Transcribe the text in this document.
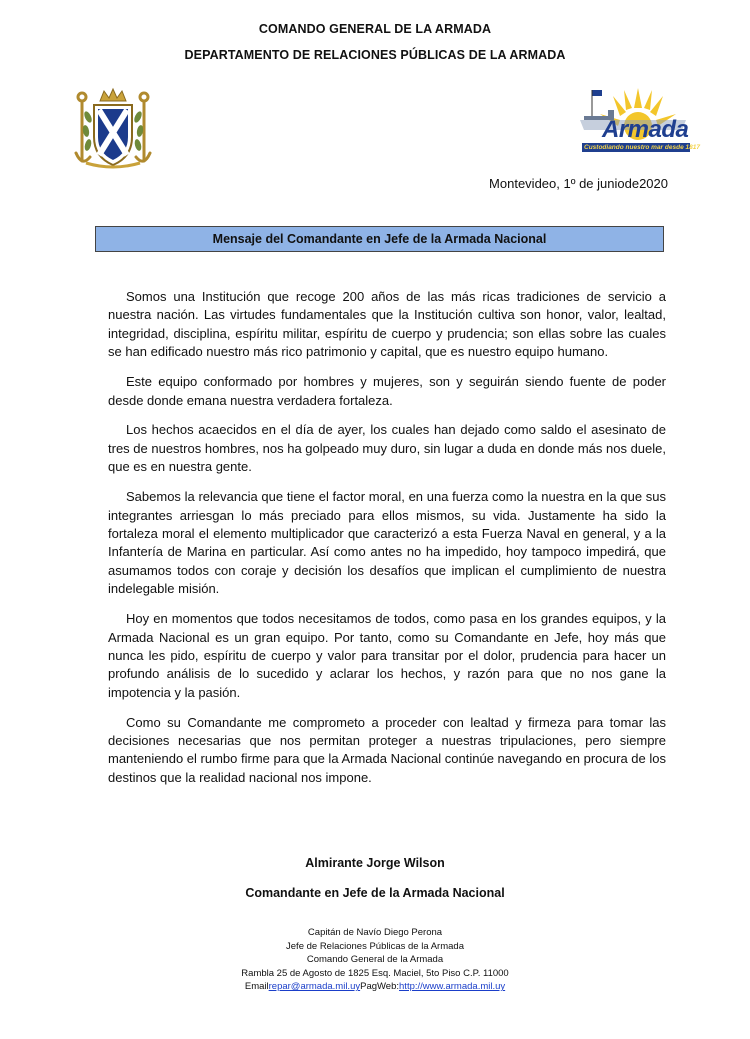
COMANDO GENERAL DE LA ARMADA
DEPARTAMENTO DE RELACIONES PÚBLICAS DE LA ARMADA
Armada
Custodiando nuestro mar desde 1817
Montevideo, 1º de juniode2020
Mensaje del Comandante en Jefe de la Armada Nacional

Somos una Institución que recoge 200 años de las más ricas tradiciones de servicio a nuestra nación. Las virtudes fundamentales que la Institución cultiva son honor, valor, lealtad, integridad, disciplina, espíritu militar, espíritu de cuerpo y prudencia; son ellas sobre las cuales se han edificado nuestro más rico patrimonio y capital, que es nuestro equipo humano.

Este equipo conformado por hombres y mujeres, son y seguirán siendo fuente de poder desde donde emana nuestra verdadera fortaleza.

Los hechos acaecidos en el día de ayer, los cuales han dejado como saldo el asesinato de tres de nuestros hombres, nos ha golpeado muy duro, sin lugar a duda en donde más nos duele, que es en nuestra gente.

Sabemos la relevancia que tiene el factor moral, en una fuerza como la nuestra en la que sus integrantes arriesgan lo más preciado para ellos mismos, su vida. Justamente ha sido la fortaleza moral el elemento multiplicador que caracterizó a esta Fuerza Naval en general, y a la Infantería de Marina en particular. Así como antes no ha impedido, hoy tampoco impedirá, que asumamos todos con coraje y decisión los desafíos que implican el cumplimiento de nuestra indelegable misión.

Hoy en momentos que todos necesitamos de todos, como pasa en los grandes equipos, y la Armada Nacional es un gran equipo. Por tanto, como su Comandante en Jefe, hoy más que nunca les pido, espíritu de cuerpo y valor para transitar por el dolor, prudencia para hacer un profundo análisis de lo sucedido y aclarar los hechos, y razón para que no nos gane la impotencia y la pasión.

Como su Comandante me comprometo a proceder con lealtad y firmeza para tomar las decisiones necesarias que nos permitan proteger a nuestras tripulaciones, pero siempre manteniendo el rumbo firme para que la Armada Nacional continúe navegando en procura de los destinos que la realidad nacional nos impone.

Almirante Jorge Wilson
Comandante en Jefe de la Armada Nacional
Capitán de Navío Diego Perona
Jefe de Relaciones Públicas de la Armada
Comando General de la Armada
Rambla 25 de Agosto de 1825 Esq. Maciel, 5to Piso C.P. 11000
Emailrepar@armada.mil.uyPagWeb:http://www.armada.mil.uy
